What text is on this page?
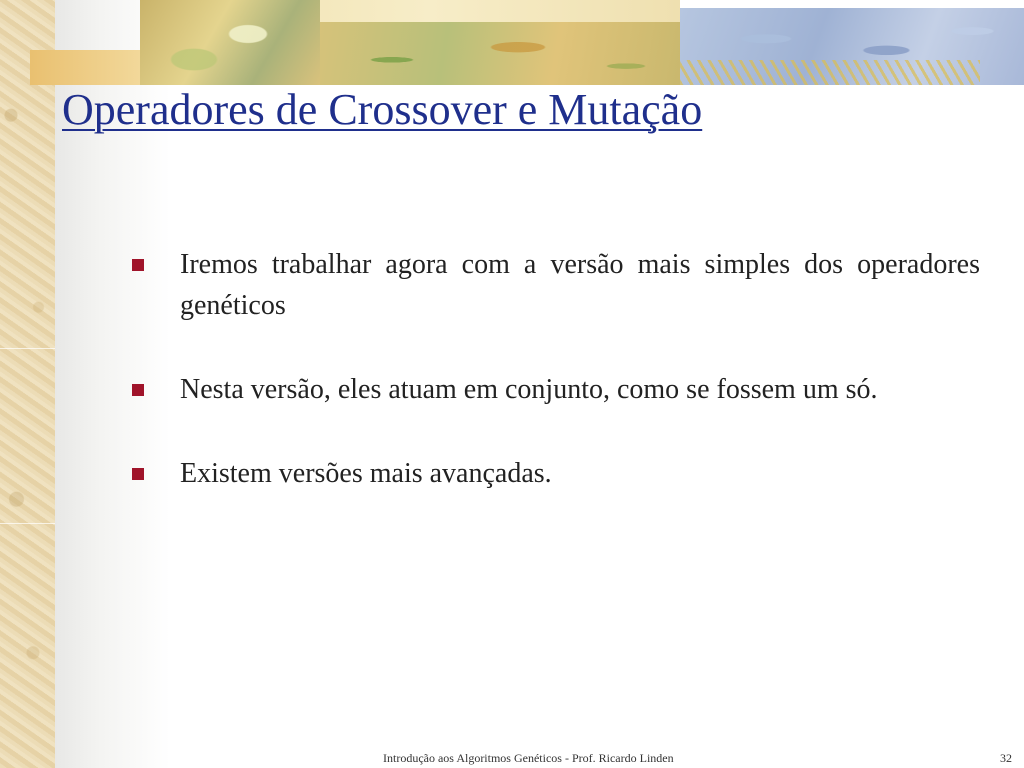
Operadores de Crossover e Mutação
Iremos trabalhar agora com a versão mais simples dos operadores genéticos
Nesta versão, eles atuam em conjunto, como se fossem um só.
Existem versões mais avançadas.
Introdução aos Algoritmos Genéticos - Prof. Ricardo Linden	32
